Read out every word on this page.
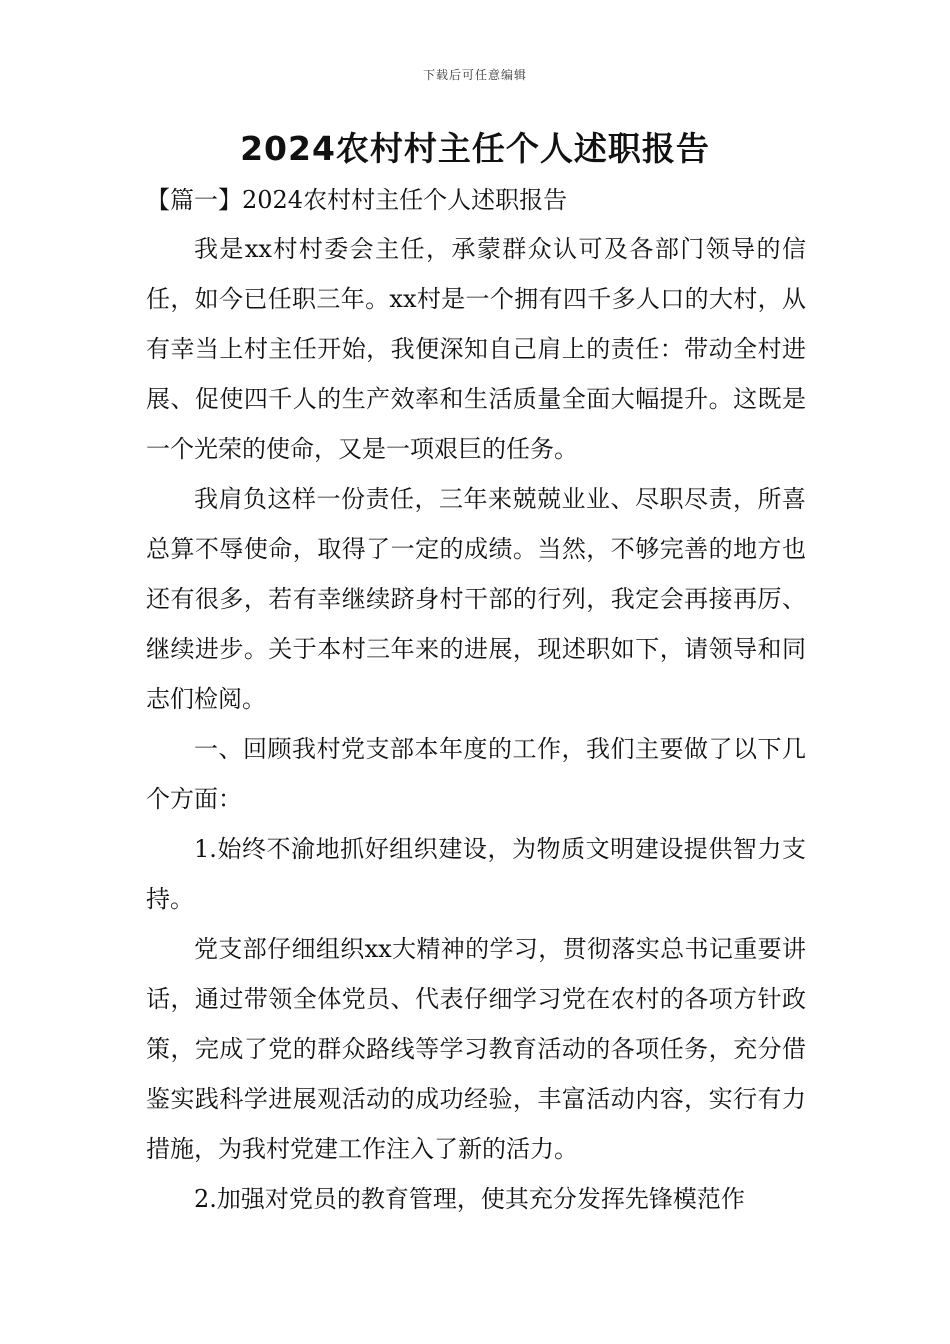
下载后可任意编辑
2024农村村主任个人述职报告
【篇一】2024农村村主任个人述职报告

我是xx村村委会主任，承蒙群众认可及各部门领导的信任，如今已任职三年。xx村是一个拥有四千多人口的大村，从有幸当上村主任开始，我便深知自己肩上的责任：带动全村进展、促使四千人的生产效率和生活质量全面大幅提升。这既是一个光荣的使命，又是一项艰巨的任务。

我肩负这样一份责任，三年来兢兢业业、尽职尽责，所喜总算不辱使命，取得了一定的成绩。当然，不够完善的地方也还有很多，若有幸继续跻身村干部的行列，我定会再接再厉、继续进步。关于本村三年来的进展，现述职如下，请领导和同志们检阅。

一、回顾我村党支部本年度的工作，我们主要做了以下几个方面：

1.始终不渝地抓好组织建设，为物质文明建设提供智力支持。

党支部仔细组织xx大精神的学习，贯彻落实总书记重要讲话，通过带领全体党员、代表仔细学习党在农村的各项方针政策，完成了党的群众路线等学习教育活动的各项任务，充分借鉴实践科学进展观活动的成功经验，丰富活动内容，实行有力措施，为我村党建工作注入了新的活力。

2.加强对党员的教育管理，使其充分发挥先锋模范作
